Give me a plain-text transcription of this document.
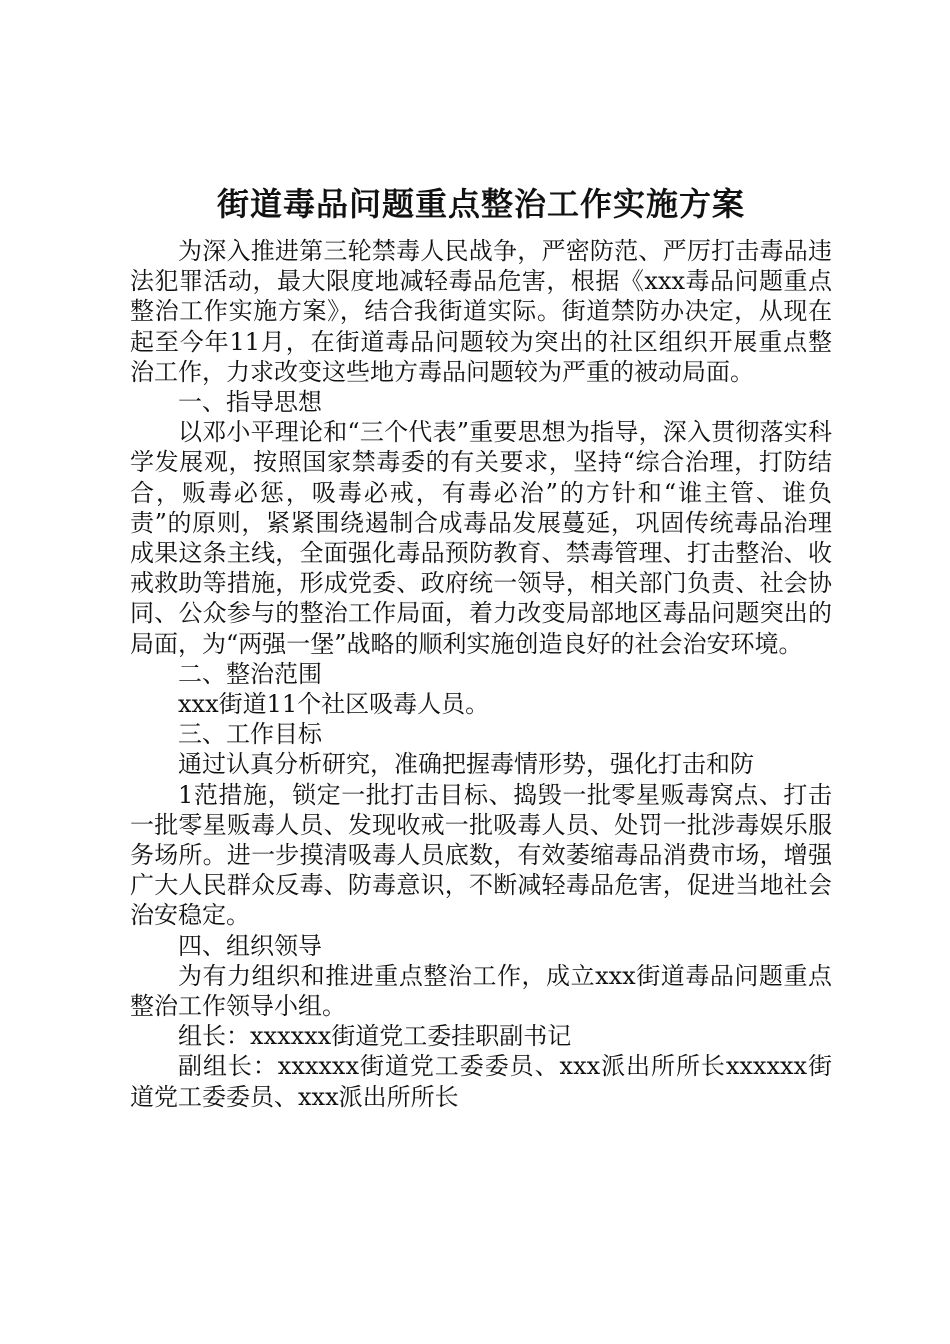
街道毒品问题重点整治工作实施方案

为深入推进第三轮禁毒人民战争，严密防范、严厉打击毒品违法犯罪活动，最大限度地减轻毒品危害，根据《xxx毒品问题重点整治工作实施方案》，结合我街道实际。街道禁防办决定，从现在起至今年11月，在街道毒品问题较为突出的社区组织开展重点整治工作，力求改变这些地方毒品问题较为严重的被动局面。

一、指导思想

以邓小平理论和“三个代表”重要思想为指导，深入贯彻落实科学发展观，按照国家禁毒委的有关要求，坚持“综合治理，打防结合，贩毒必惩，吸毒必戒，有毒必治”的方针和“谁主管、谁负责”的原则，紧紧围绕遏制合成毒品发展蔓延，巩固传统毒品治理成果这条主线，全面强化毒品预防教育、禁毒管理、打击整治、收戒救助等措施，形成党委、政府统一领导，相关部门负责、社会协同、公众参与的整治工作局面，着力改变局部地区毒品问题突出的局面，为“两强一堡”战略的顺利实施创造良好的社会治安环境。

二、整治范围

xxx街道11个社区吸毒人员。

三、工作目标

通过认真分析研究，准确把握毒情形势，强化打击和防

1范措施，锁定一批打击目标、捣毁一批零星贩毒窝点、打击一批零星贩毒人员、发现收戒一批吸毒人员、处罚一批涉毒娱乐服务场所。进一步摸清吸毒人员底数，有效萎缩毒品消费市场，增强广大人民群众反毒、防毒意识，不断减轻毒品危害，促进当地社会治安稳定。

四、组织领导

为有力组织和推进重点整治工作，成立xxx街道毒品问题重点整治工作领导小组。

组长：xxxxxx街道党工委挂职副书记

副组长：xxxxxx街道党工委委员、xxx派出所所长xxxxxx街道党工委委员、xxx派出所所长
